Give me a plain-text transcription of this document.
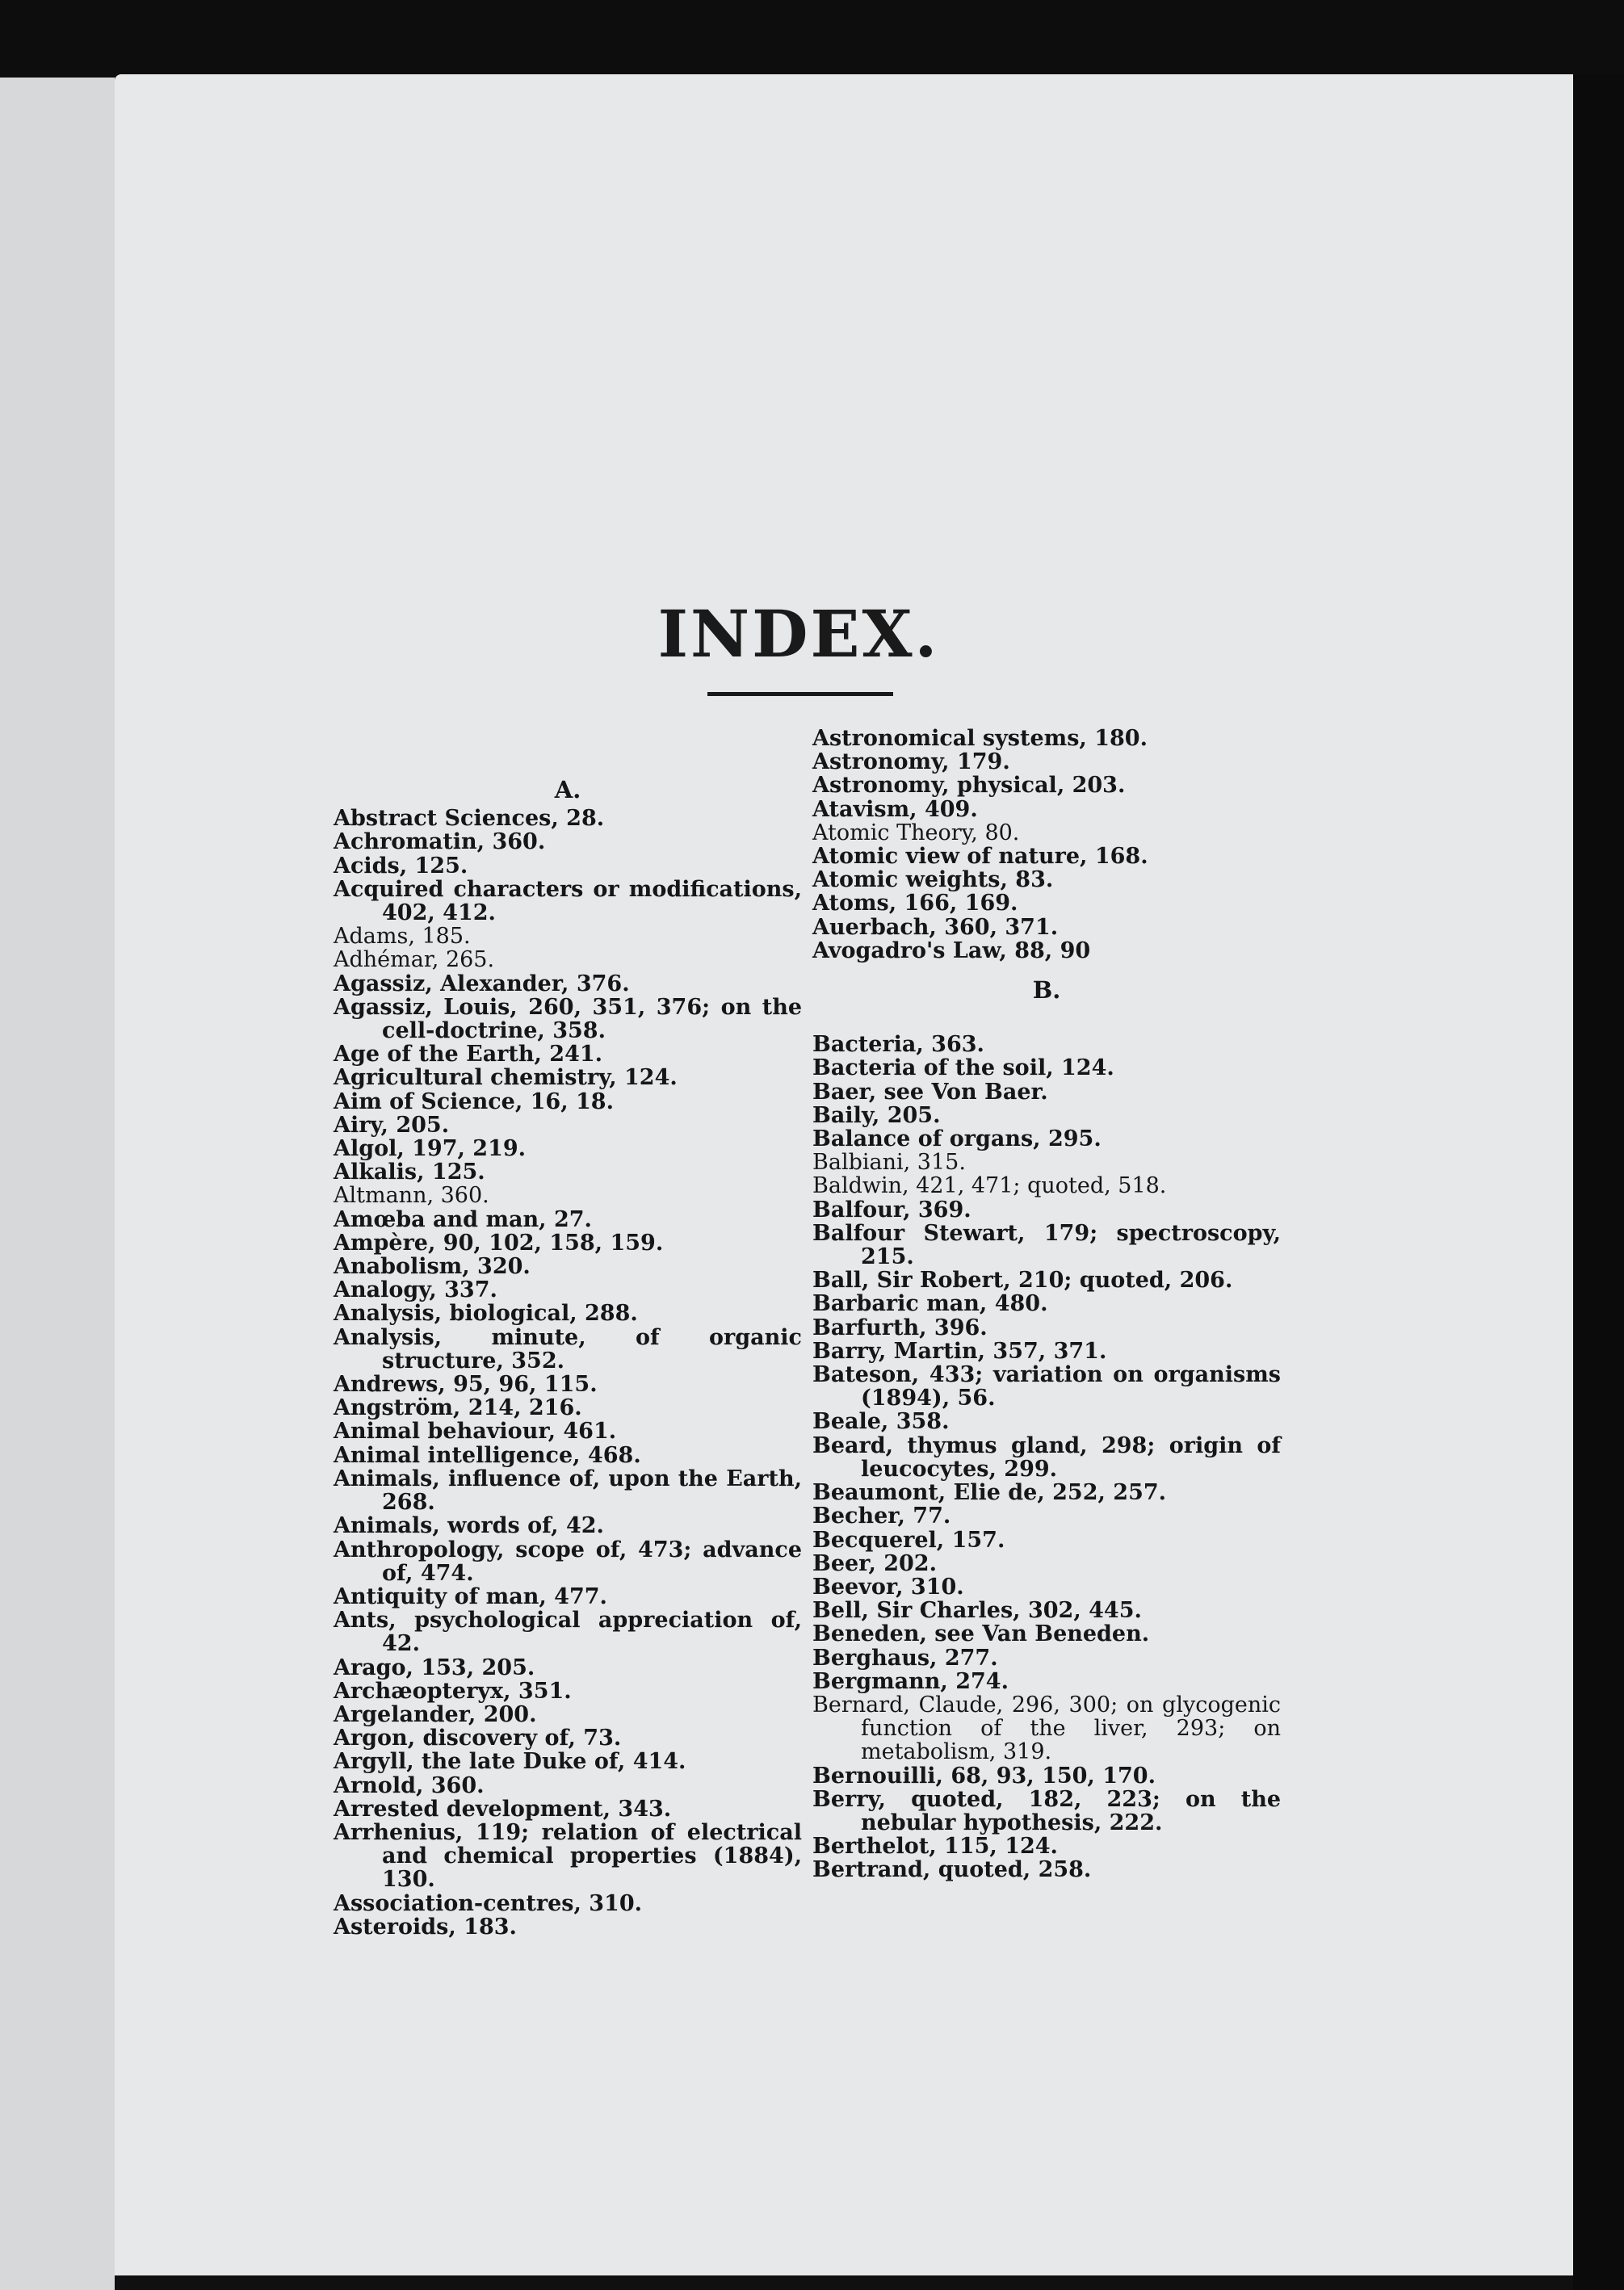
INDEX.
A.
Abstract Sciences, 28.
Achromatin, 360.
Acids, 125.
Acquired characters or modifications, 402, 412.
Adams, 185.
Adhémar, 265.
Agassiz, Alexander, 376.
Agassiz, Louis, 260, 351, 376; on the cell-doctrine, 358.
Age of the Earth, 241.
Agricultural chemistry, 124.
Aim of Science, 16, 18.
Airy, 205.
Algol, 197, 219.
Alkalis, 125.
Altmann, 360.
Amœba and man, 27.
Ampère, 90, 102, 158, 159.
Anabolism, 320.
Analogy, 337.
Analysis, biological, 288.
Analysis, minute, of organic structure, 352.
Andrews, 95, 96, 115.
Angström, 214, 216.
Animal behaviour, 461.
Animal intelligence, 468.
Animals, influence of, upon the Earth, 268.
Animals, words of, 42.
Anthropology, scope of, 473; advance of, 474.
Antiquity of man, 477.
Ants, psychological appreciation of, 42.
Arago, 153, 205.
Archæopteryx, 351.
Argelander, 200.
Argon, discovery of, 73.
Argyll, the late Duke of, 414.
Arnold, 360.
Arrested development, 343.
Arrhenius, 119; relation of electrical and chemical properties (1884), 130.
Association-centres, 310.
Asteroids, 183.
Astronomical systems, 180.
Astronomy, 179.
Astronomy, physical, 203.
Atavism, 409.
Atomic Theory, 80.
Atomic view of nature, 168.
Atomic weights, 83.
Atoms, 166, 169.
Auerbach, 360, 371.
Avogadro's Law, 88, 90
B.
Bacteria, 363.
Bacteria of the soil, 124.
Baer, see Von Baer.
Baily, 205.
Balance of organs, 295.
Balbiani, 315.
Baldwin, 421, 471; quoted, 518.
Balfour, 369.
Balfour Stewart, 179; spectroscopy, 215.
Ball, Sir Robert, 210; quoted, 206.
Barbaric man, 480.
Barfurth, 396.
Barry, Martin, 357, 371.
Bateson, 433; variation on organisms (1894), 56.
Beale, 358.
Beard, thymus gland, 298; origin of leucocytes, 299.
Beaumont, Elie de, 252, 257.
Becher, 77.
Becquerel, 157.
Beer, 202.
Beevor, 310.
Bell, Sir Charles, 302, 445.
Beneden, see Van Beneden.
Berghaus, 277.
Bergmann, 274.
Bernard, Claude, 296, 300; on glycogenic function of the liver, 293; on metabolism, 319.
Bernouilli, 68, 93, 150, 170.
Berry, quoted, 182, 223; on the nebular hypothesis, 222.
Berthelot, 115, 124.
Bertrand, quoted, 258.
